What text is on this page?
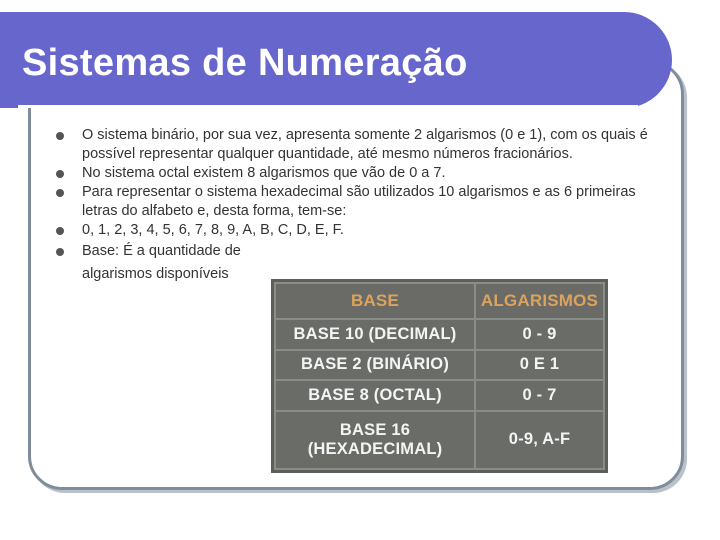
Sistemas de Numeração
O sistema binário, por sua vez, apresenta somente 2 algarismos (0 e 1), com os quais é possível representar qualquer quantidade, até mesmo números fracionários.
No sistema octal existem 8 algarismos que vão de 0 a 7.
Para representar o sistema hexadecimal são utilizados 10 algarismos e as 6 primeiras letras do alfabeto e, desta forma, tem-se:
0, 1, 2, 3, 4, 5, 6, 7, 8, 9, A, B, C, D, E, F.
Base: É a quantidade de algarismos disponíveis
BASE	ALGARISMOS
BASE 10 (DECIMAL)	0 - 9
BASE 2 (BINÁRIO)	0 E 1
BASE 8 (OCTAL)	0 - 7
BASE 16 (HEXADECIMAL)	0-9, A-F
